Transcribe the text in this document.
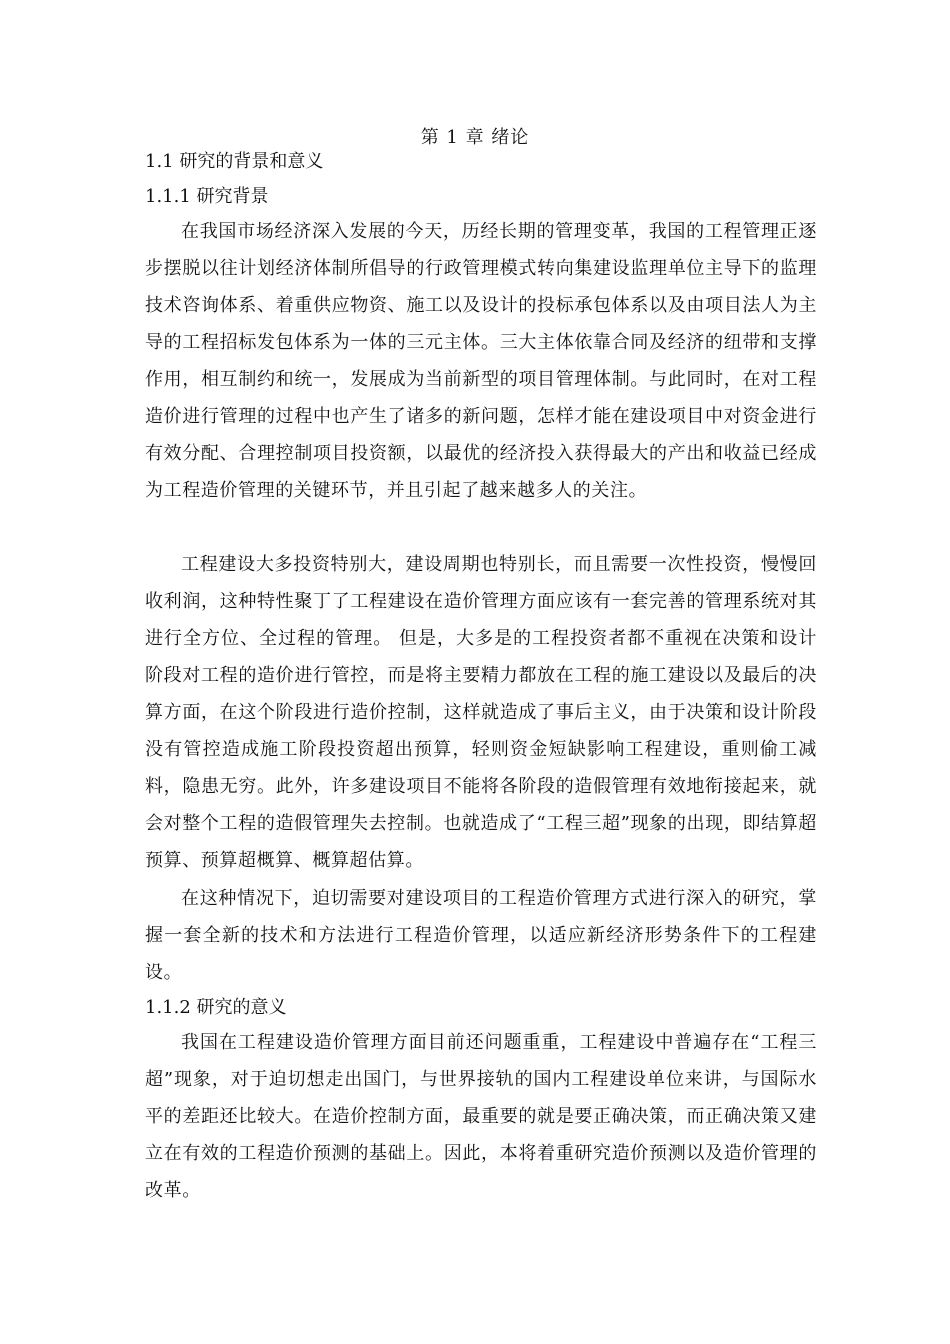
第 1 章 绪论
1.1 研究的背景和意义
1.1.1 研究背景

在我国市场经济深入发展的今天，历经长期的管理变革，我国的工程管理正逐步摆脱以往计划经济体制所倡导的行政管理模式转向集建设监理单位主导下的监理技术咨询体系、着重供应物资、施工以及设计的投标承包体系以及由项目法人为主导的工程招标发包体系为一体的三元主体。三大主体依靠合同及经济的纽带和支撑作用，相互制约和统一，发展成为当前新型的项目管理体制。与此同时，在对工程造价进行管理的过程中也产生了诸多的新问题，怎样才能在建设项目中对资金进行有效分配、合理控制项目投资额，以最优的经济投入获得最大的产出和收益已经成为工程造价管理的关键环节，并且引起了越来越多人的关注。

工程建设大多投资特别大，建设周期也特别长，而且需要一次性投资，慢慢回收利润，这种特性聚丁了工程建设在造价管理方面应该有一套完善的管理系统对其进行全方位、全过程的管理。 但是，大多是的工程投资者都不重视在决策和设计阶段对工程的造价进行管控，而是将主要精力都放在工程的施工建设以及最后的决算方面，在这个阶段进行造价控制，这样就造成了事后主义，由于决策和设计阶段没有管控造成施工阶段投资超出预算，轻则资金短缺影响工程建设，重则偷工减料，隐患无穷。此外，许多建设项目不能将各阶段的造假管理有效地衔接起来，就会对整个工程的造假管理失去控制。也就造成了“工程三超”现象的出现，即结算超预算、预算超概算、概算超估算。

在这种情况下，迫切需要对建设项目的工程造价管理方式进行深入的研究，掌握一套全新的技术和方法进行工程造价管理，以适应新经济形势条件下的工程建设。

1.1.2 研究的意义

我国在工程建设造价管理方面目前还问题重重，工程建设中普遍存在“工程三超”现象，对于迫切想走出国门，与世界接轨的国内工程建设单位来讲，与国际水平的差距还比较大。在造价控制方面，最重要的就是要正确决策，而正确决策又建立在有效的工程造价预测的基础上。因此，本将着重研究造价预测以及造价管理的改革。
